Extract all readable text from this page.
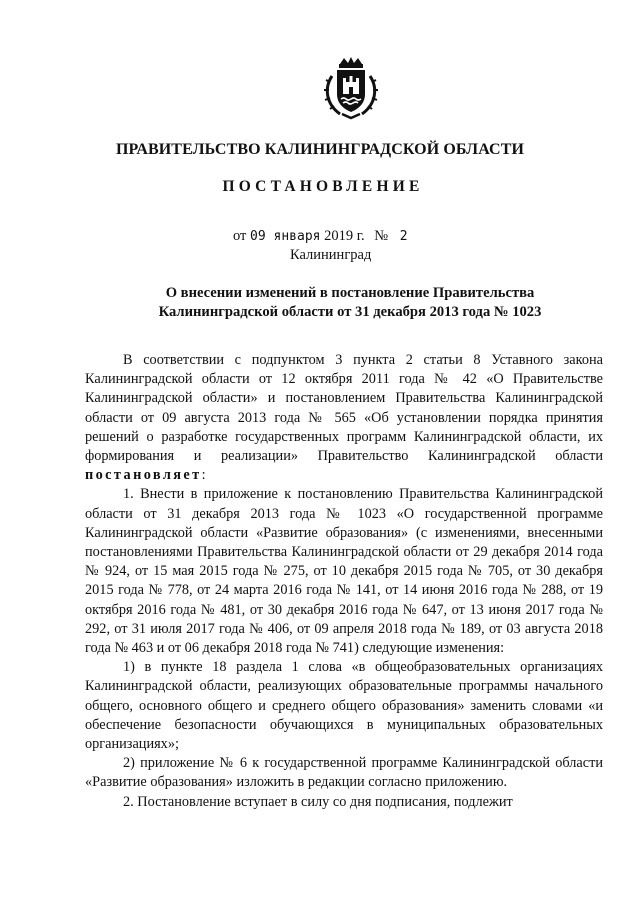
ПРАВИТЕЛЬСТВО КАЛИНИНГРАДСКОЙ ОБЛАСТИ
ПОСТАНОВЛЕНИЕ
от 09 января 2019 г. № 2
Калининград
О внесении изменений в постановление Правительства
Калининградской области от 31 декабря 2013 года № 1023

В соответствии с подпунктом 3 пункта 2 статьи 8 Уставного закона Калининградской области от 12 октября 2011 года № 42 «О Правительстве Калининградской области» и постановлением Правительства Калининградской области от 09 августа 2013 года № 565 «Об установлении порядка принятия решений о разработке государственных программ Калининградской области, их формирования и реализации» Правительство Калининградской области постановляет:

1. Внести в приложение к постановлению Правительства Калининградской области от 31 декабря 2013 года № 1023 «О государственной программе Калининградской области «Развитие образования» (с изменениями, внесенными постановлениями Правительства Калининградской области от 29 декабря 2014 года № 924, от 15 мая 2015 года № 275, от 10 декабря 2015 года № 705, от 30 декабря 2015 года № 778, от 24 марта 2016 года № 141, от 14 июня 2016 года № 288, от 19 октября 2016 года № 481, от 30 декабря 2016 года № 647, от 13 июня 2017 года № 292, от 31 июля 2017 года № 406, от 09 апреля 2018 года № 189, от 03 августа 2018 года № 463 и от 06 декабря 2018 года № 741) следующие изменения:

1) в пункте 18 раздела 1 слова «в общеобразовательных организациях Калининградской области, реализующих образовательные программы начального общего, основного общего и среднего общего образования» заменить словами «и обеспечение безопасности обучающихся в муниципальных образовательных организациях»;

2) приложение № 6 к государственной программе Калининградской области «Развитие образования» изложить в редакции согласно приложению.

2. Постановление вступает в силу со дня подписания, подлежит
